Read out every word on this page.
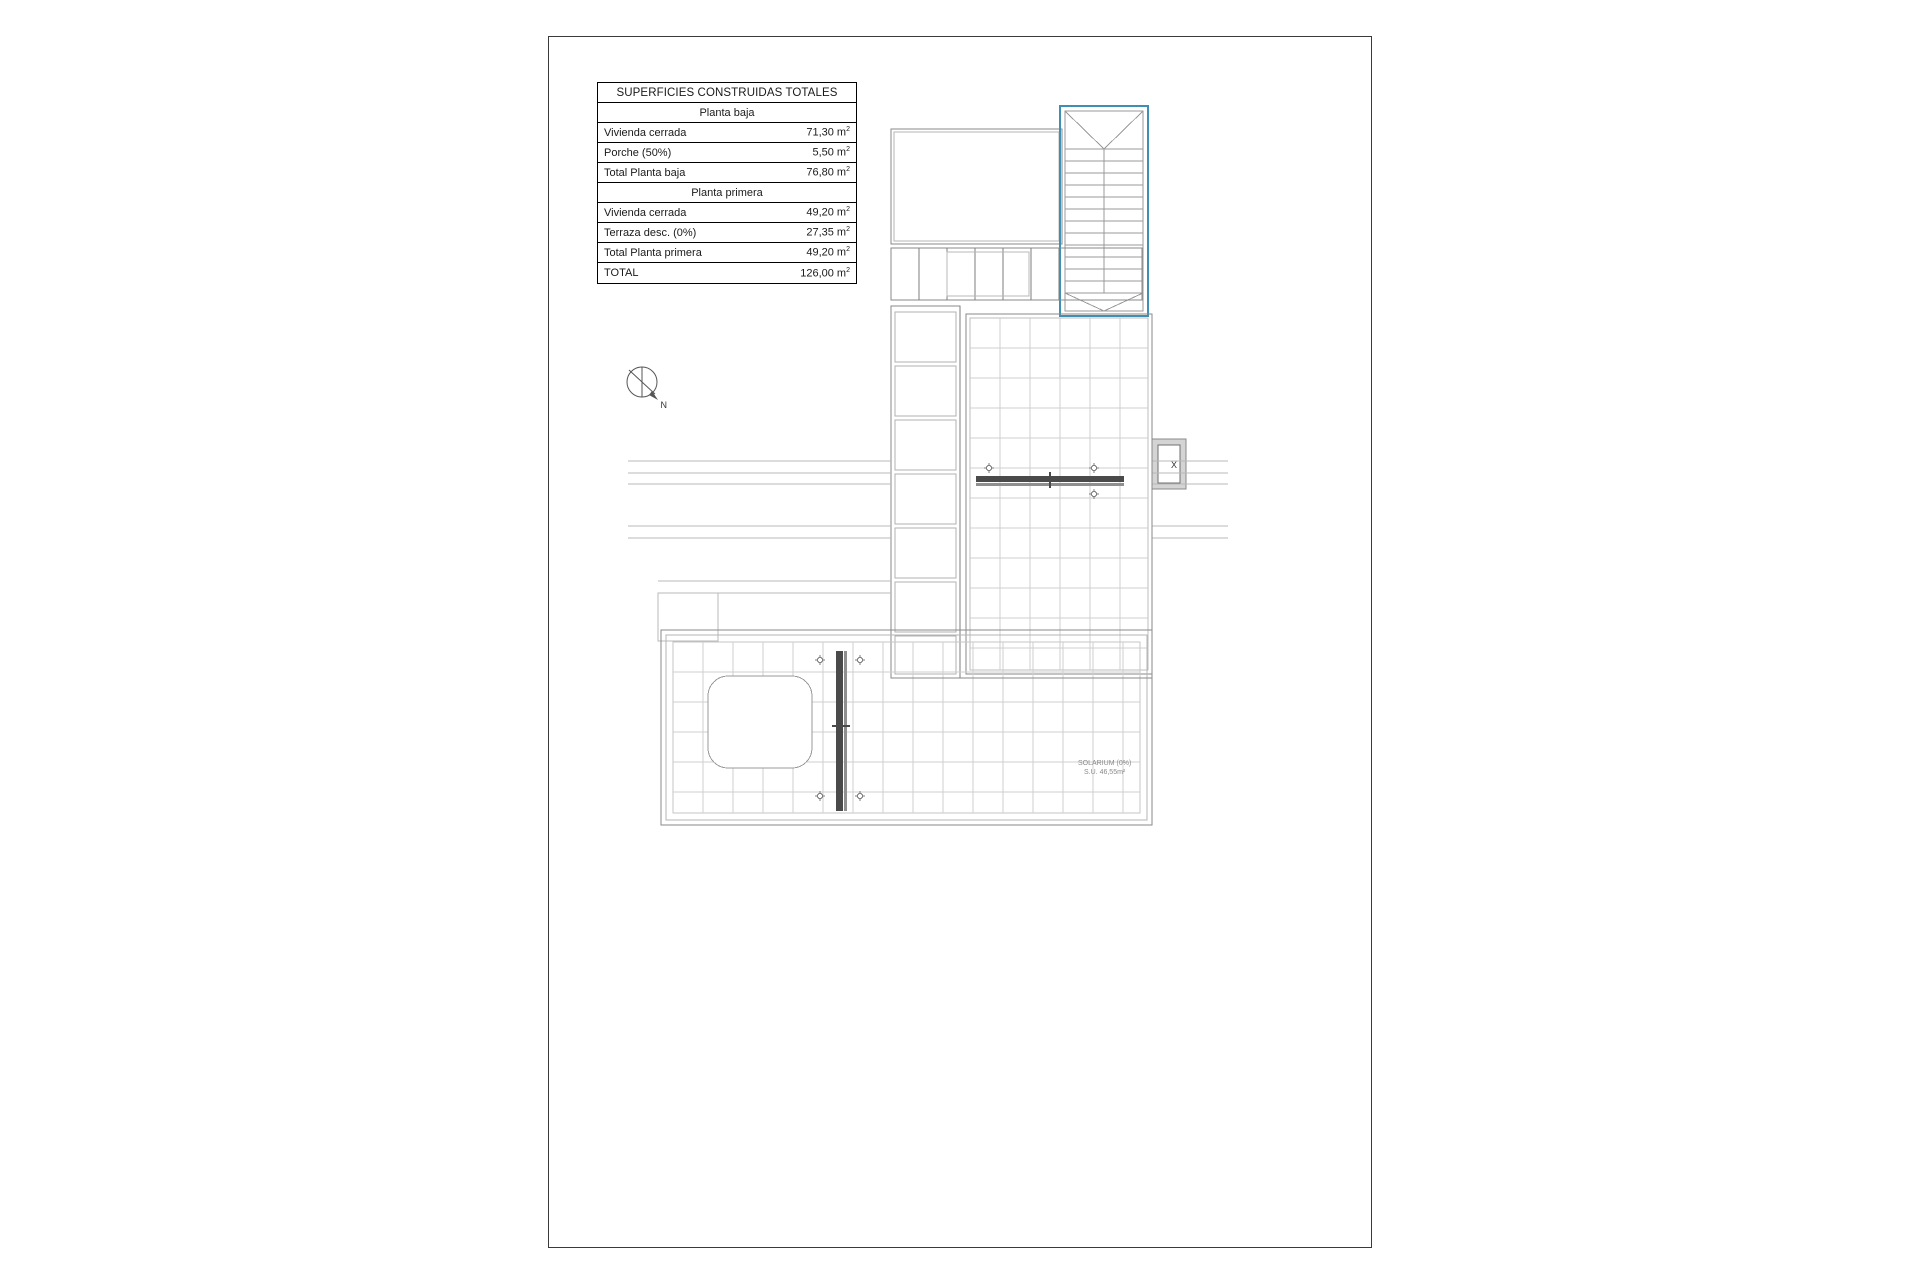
SUPERFICIES CONSTRUIDAS TOTALES
Planta baja
Vivienda cerrada	71,30 $m^2$
Porche (50%)	5,50 $m^2$
Total Planta baja	76,80 $m^2$
Planta primera
Vivienda cerrada	49,20 $m^2$
Terraza desc. (0%)	27,35 $m^2$
Total Planta primera	49,20 $m^2$
TOTAL	126,00 $m^2$
N
X
SOLARIUM (0%)
S.U. 46,55m²
